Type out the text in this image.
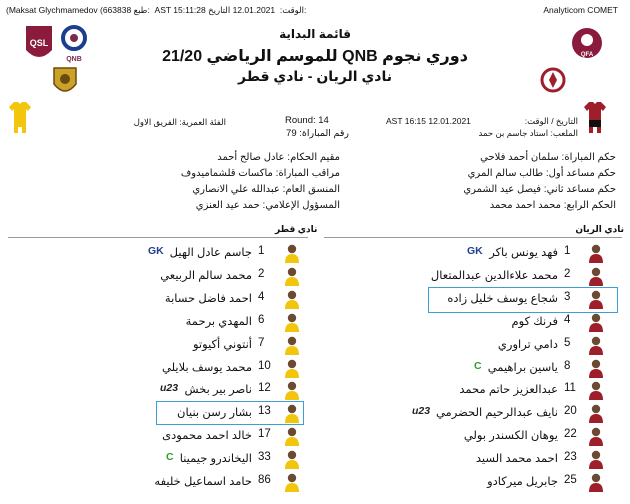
(Maksat Glychmamedov (663838 طبع: AST 15:11:28	الوقت:  12.01.2021 التاريخ:	Analyticom COMET
QSL
QNB
QFA
قائمة البداية
دوري نجوم QNB للموسم الرياضي 21/20
نادي الريان - نادي قطر
التاريخ / الوقت:
AST 16:15 12.01.2021
الملعب: استاد جاسم بن حمد
Round: 14
رقم المباراة: 79
الفئة العمرية: الفريق الاول
حكم المباراة: سلمان أحمد فلاحي
حكم مساعد أول: طالب سالم المري
حكم مساعد ثاني: فيصل عيد الشمري
الحكم الرابع: محمد احمد محمد
مقيم الحكام: عادل صالح أحمد
مراقب المباراة: ماكسات قلشماميدوف
المنسق العام: عبدالله علي الانصاري
المسؤول الإعلامي: حمد عيد العنزي
نادي الريان
نادي قطر
1
فهد يونس باكر
GK
2
محمد علاءالدين عبدالمتعال
3
شجاع يوسف خليل زاده
4
فرنك كوم
5
دامي تراوري
8
ياسين براهيمي
C
11
عبدالعزيز حاتم محمد
20
نايف عبدالرحيم الحضرمي
u23
22
يوهان الكسندر بولي
23
احمد محمد السيد
25
جابريل ميركادو
1
جاسم عادل الهيل
GK
2
محمد سالم الربيعي
4
احمد فاضل حسابة
6
المهدي برحمة
7
أنتوني أكيوتو
10
محمد يوسف بلايلي
12
ناصر بير بخش
u23
13
بشار رسن بنيان
17
خالد احمد محمودى
33
اليخاندرو جيمينا
C
86
حامد اسماعيل خليفه
